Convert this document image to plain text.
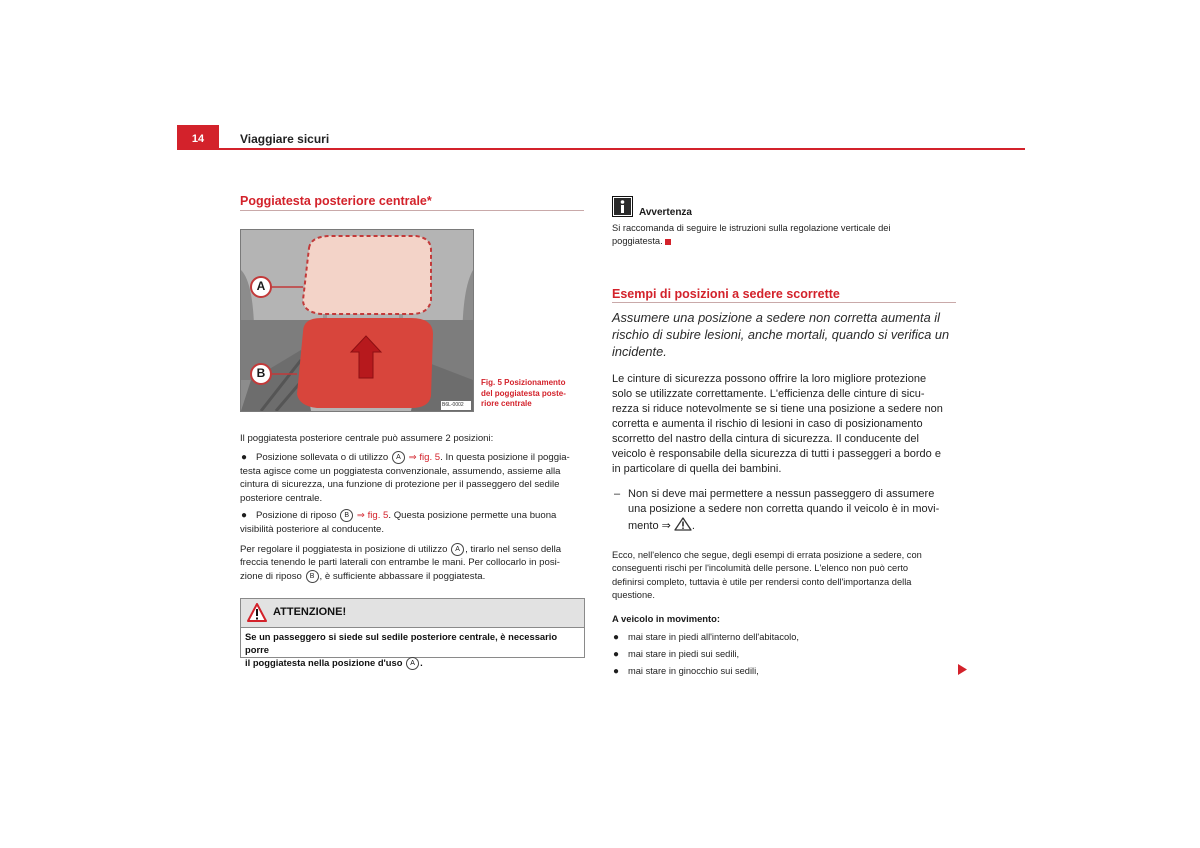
14	Viaggiare sicuri
Poggiatesta posteriore centrale*
A
B
B6L-0002
Fig. 5 Posizionamento
del poggiatesta poste-
riore centrale

Il poggiatesta posteriore centrale può assumere 2 posizioni:

● Posizione sollevata o di utilizzo A ⇒ fig. 5. In questa posizione il poggia-
testa agisce come un poggiatesta convenzionale, assumendo, assieme alla
cintura di sicurezza, una funzione di protezione per il passeggero del sedile
posteriore centrale.
● Posizione di riposo B ⇒ fig. 5. Questa posizione permette una buona
visibilità posteriore al conducente.
Per regolare il poggiatesta in posizione di utilizzo A , tirarlo nel senso della
freccia tenendo le parti laterali con entrambe le mani. Per collocarlo in posi-
zione di riposo B , è sufficiente abbassare il poggiatesta.
ATTENZIONE!
Se un passeggero si siede sul sedile posteriore centrale, è necessario porre
il poggiatesta nella posizione d'uso A .
Avvertenza
Si raccomanda di seguire le istruzioni sulla regolazione verticale dei
poggiatesta.
Esempi di posizioni a sedere scorrette
Assumere una posizione a sedere non corretta aumenta il
rischio di subire lesioni, anche mortali, quando si verifica un
incidente.
Le cinture di sicurezza possono offrire la loro migliore protezione
solo se utilizzate correttamente. L'efficienza delle cinture di sicu-
rezza si riduce notevolmente se si tiene una posizione a sedere non
corretta e aumenta il rischio di lesioni in caso di posizionamento
scorretto del nastro della cintura di sicurezza. Il conducente del
veicolo è responsabile della sicurezza di tutti i passeggeri a bordo e
in particolare di quella dei bambini.
– Non si deve mai permettere a nessun passeggero di assumere
una posizione a sedere non corretta quando il veicolo è in movi-
mento ⇒ .
Ecco, nell'elenco che segue, degli esempi di errata posizione a sedere, con
conseguenti rischi per l'incolumità delle persone. L'elenco non può certo
definirsi completo, tuttavia è utile per rendersi conto dell'importanza della
questione.
A veicolo in movimento:
● mai stare in piedi all'interno dell'abitacolo,
● mai stare in piedi sui sedili,
● mai stare in ginocchio sui sedili,
